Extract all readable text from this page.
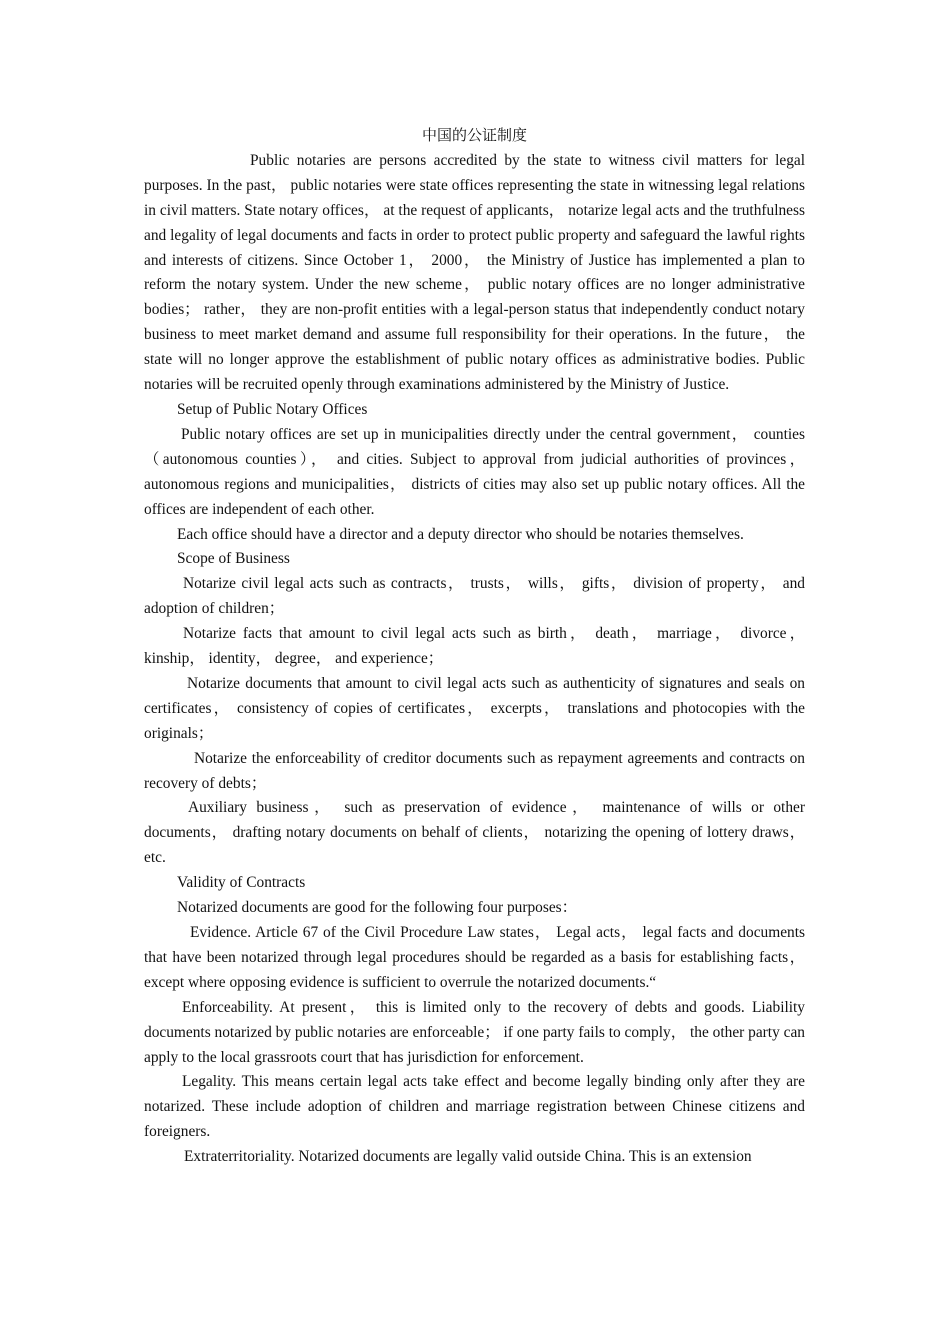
中国的公证制度

Public notaries are persons accredited by the state to witness civil matters for legal purposes. In the past， public notaries were state offices representing the state in witnessing legal relations in civil matters. State notary offices， at the request of applicants， notarize legal acts and the truthfulness and legality of legal documents and facts in order to protect public property and safeguard the lawful rights and interests of citizens. Since October 1， 2000， the Ministry of Justice has implemented a plan to reform the notary system. Under the new scheme， public notary offices are no longer administrative bodies； rather， they are non-profit entities with a legal-person status that independently conduct notary business to meet market demand and assume full responsibility for their operations. In the future， the state will no longer approve the establishment of public notary offices as administrative bodies. Public notaries will be recruited openly through examinations administered by the Ministry of Justice.

Setup of Public Notary Offices

Public notary offices are set up in municipalities directly under the central government， counties （autonomous counties）， and cities. Subject to approval from judicial authorities of provinces， autonomous regions and municipalities， districts of cities may also set up public notary offices. All the offices are independent of each other.

Each office should have a director and a deputy director who should be notaries themselves.

Scope of Business

Notarize civil legal acts such as contracts， trusts， wills， gifts， division of property， and adoption of children；

Notarize facts that amount to civil legal acts such as birth， death， marriage， divorce， kinship， identity， degree， and experience；

Notarize documents that amount to civil legal acts such as authenticity of signatures and seals on certificates， consistency of copies of certificates， excerpts， translations and photocopies with the originals；

Notarize the enforceability of creditor documents such as repayment agreements and contracts on recovery of debts；

Auxiliary business， such as preservation of evidence， maintenance of wills or other documents， drafting notary documents on behalf of clients， notarizing the opening of lottery draws， etc.

Validity of Contracts

Notarized documents are good for the following four purposes：

Evidence. Article 67 of the Civil Procedure Law states， Legal acts， legal facts and documents that have been notarized through legal procedures should be regarded as a basis for establishing facts， except where opposing evidence is sufficient to overrule the notarized documents.“

Enforceability. At present， this is limited only to the recovery of debts and goods. Liability documents notarized by public notaries are enforceable； if one party fails to comply， the other party can apply to the local grassroots court that has jurisdiction for enforcement.

Legality. This means certain legal acts take effect and become legally binding only after they are notarized. These include adoption of children and marriage registration between Chinese citizens and foreigners.

Extraterritoriality. Notarized documents are legally valid outside China. This is an extension
